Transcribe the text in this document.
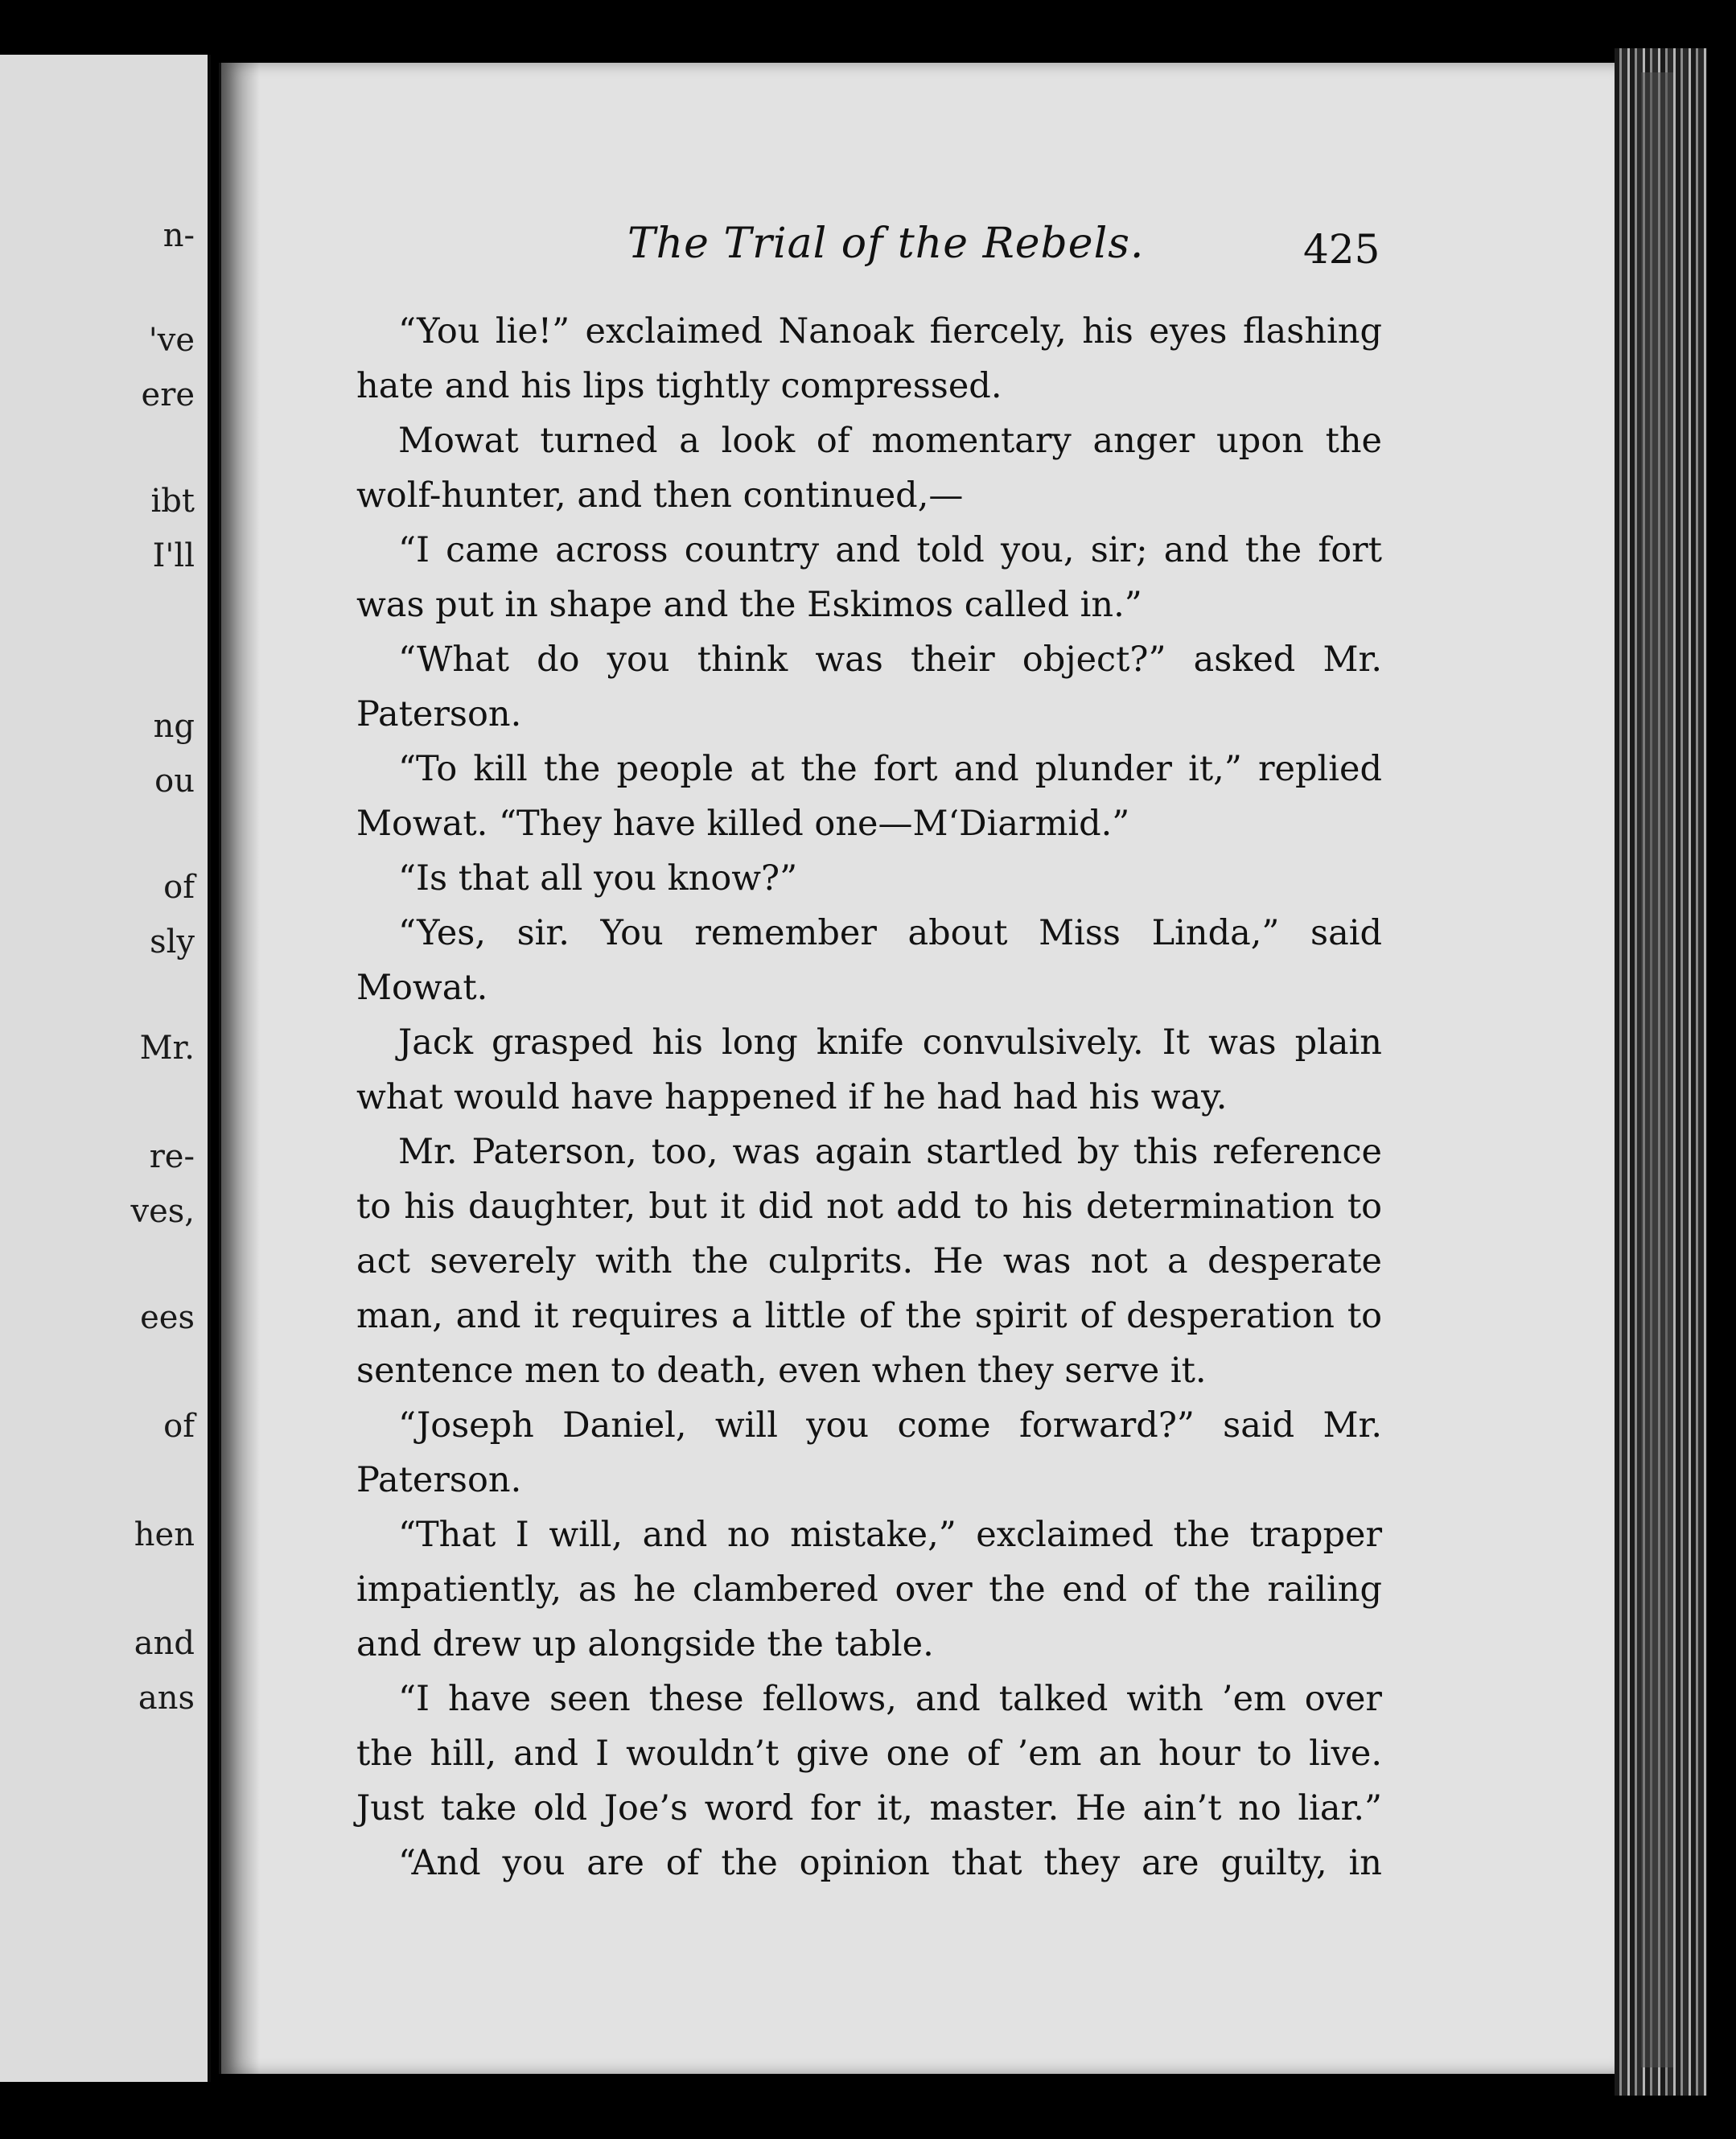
n-
've
ere
ibt
I'll
ng
ou
of
sly
Mr.
re-
ves,
ees
of
hen
and
ans
The Trial of the Rebels.	425
“You lie!” exclaimed Nanoak fiercely, his eyes flashing
hate and his lips tightly compressed.
Mowat turned a look of momentary anger upon the
wolf-hunter, and then continued,—
“I came across country and told you, sir; and the fort
was put in shape and the Eskimos called in.”
“What do you think was their object?” asked Mr.
Paterson.
“To kill the people at the fort and plunder it,” replied
Mowat. “They have killed one—M‘Diarmid.”
“Is that all you know?”
“Yes, sir. You remember about Miss Linda,” said
Mowat.
Jack grasped his long knife convulsively. It was plain
what would have happened if he had had his way.
Mr. Paterson, too, was again startled by this reference
to his daughter, but it did not add to his determination to
act severely with the culprits. He was not a desperate
man, and it requires a little of the spirit of desperation to
sentence men to death, even when they serve it.
“Joseph Daniel, will you come forward?” said Mr.
Paterson.
“That I will, and no mistake,” exclaimed the trapper
impatiently, as he clambered over the end of the railing
and drew up alongside the table.
“I have seen these fellows, and talked with ’em over
the hill, and I wouldn’t give one of ’em an hour to live.
Just take old Joe’s word for it, master. He ain’t no liar.”
“And you are of the opinion that they are guilty, in
